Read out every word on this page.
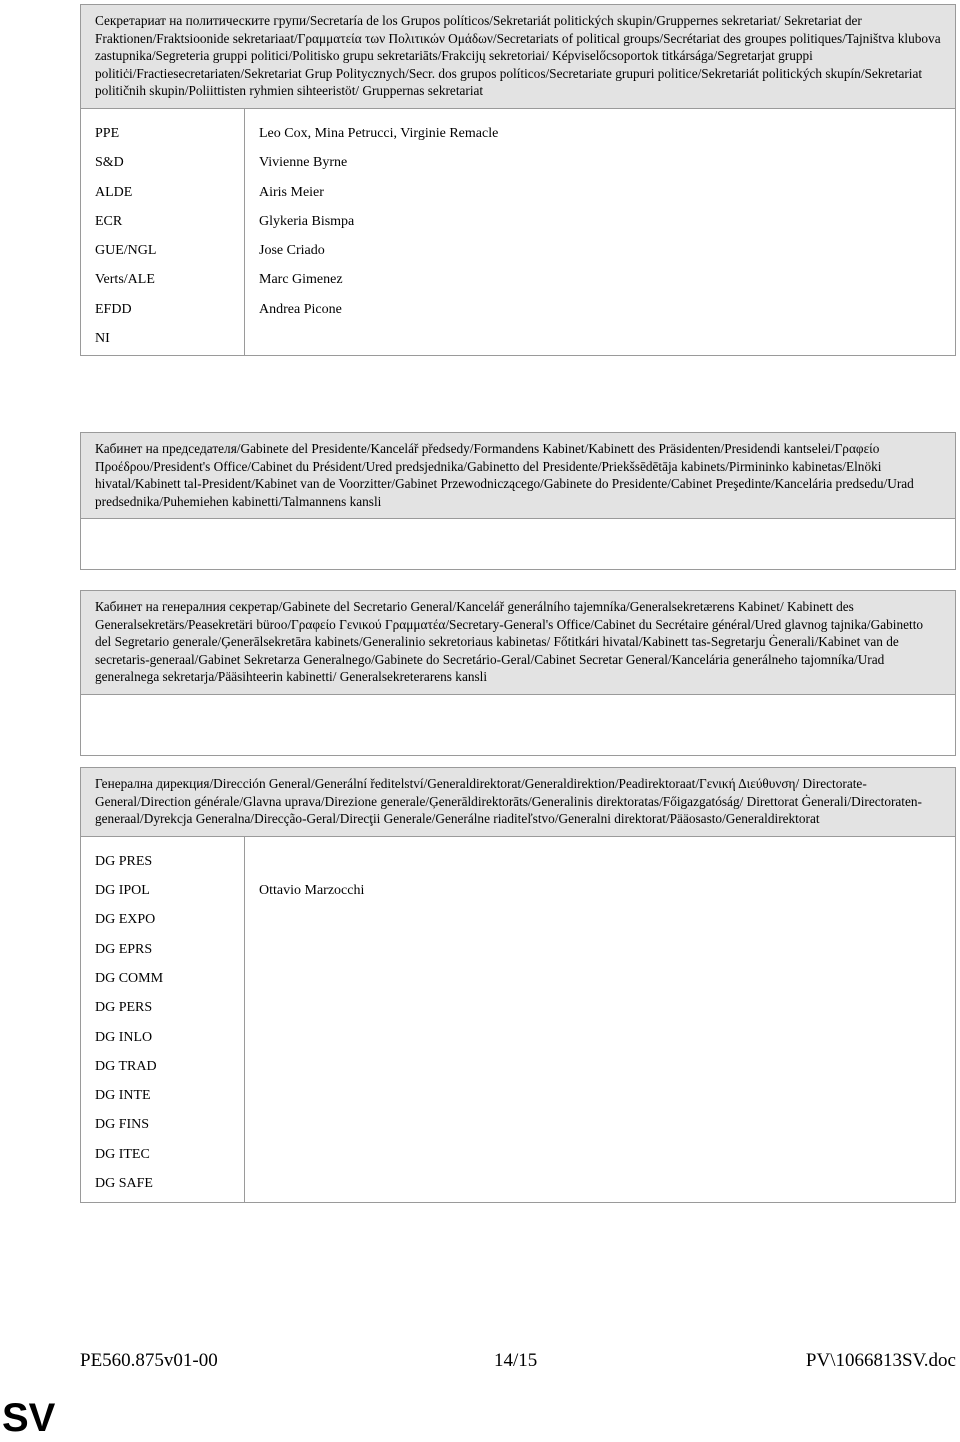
Секретариат на политическите групи/Secretaría de los Grupos políticos/Sekretariát politických skupin/Gruppernes sekretariat/ Sekretariat der Fraktionen/Fraktsioonide sekretariaat/Γραμματεία των Πολιτικών Ομάδων/Secretariats of political groups/Secrétariat des groupes politiques/Tajništva klubova zastupnika/Segreteria gruppi politici/Politisko grupu sekretariāts/Frakcijų sekretoriai/ Képviselőcsoportok titkársága/Segretarjat gruppi politiċi/Fractiesecretariaten/Sekretariat Grup Politycznych/Secr. dos grupos políticos/Secretariate grupuri politice/Sekretariát politických skupín/Sekretariat političnih skupin/Poliittisten ryhmien sihteeristöt/ Gruppernas sekretariat
PPE
S&D
ALDE
ECR
GUE/NGL
Verts/ALE
EFDD
NI
Leo Cox, Mina Petrucci, Virginie Remacle
Vivienne Byrne
Airis Meier
Glykeria Bismpa
Jose Criado
Marc Gimenez
Andrea Picone
Кабинет на председателя/Gabinete del Presidente/Kancelář předsedy/Formandens Kabinet/Kabinett des Präsidenten/Presidendi kantselei/Γραφείο Προέδρου/President's Office/Cabinet du Président/Ured predsjednika/Gabinetto del Presidente/Priekšsēdētāja kabinets/Pirmininko kabinetas/Elnöki hivatal/Kabinett tal-President/Kabinet van de Voorzitter/Gabinet Przewodniczącego/Gabinete do Presidente/Cabinet Preşedinte/Kancelária predsedu/Urad predsednika/Puhemiehen kabinetti/Talmannens kansli
Кабинет на генералния секретар/Gabinete del Secretario General/Kancelář generálního tajemníka/Generalsekretærens Kabinet/ Kabinett des Generalsekretärs/Peasekretäri büroo/Γραφείο Γενικού Γραμματέα/Secretary-General's Office/Cabinet du Secrétaire général/Ured glavnog tajnika/Gabinetto del Segretario generale/Ģenerālsekretāra kabinets/Generalinio sekretoriaus kabinetas/ Főtitkári hivatal/Kabinett tas-Segretarju Ġenerali/Kabinet van de secretaris-generaal/Gabinet Sekretarza Generalnego/Gabinete do Secretário-Geral/Cabinet Secretar General/Kancelária generálneho tajomníka/Urad generalnega sekretarja/Pääsihteerin kabinetti/ Generalsekreterarens kansli
Генерална дирекция/Dirección General/Generální ředitelství/Generaldirektorat/Generaldirektion/Peadirektoraat/Γενική Διεύθυνση/ Directorate-General/Direction générale/Glavna uprava/Direzione generale/Ģenerāldirektorāts/Generalinis direktoratas/Főigazgatóság/ Direttorat Ġenerali/Directoraten-generaal/Dyrekcja Generalna/Direcção-Geral/Direcţii Generale/Generálne riaditeľstvo/Generalni direktorat/Pääosasto/Generaldirektorat
DG PRES
DG IPOL
DG EXPO
DG EPRS
DG COMM
DG PERS
DG INLO
DG TRAD
DG INTE
DG FINS
DG ITEC
DG SAFE
Ottavio Marzocchi
PE560.875v01-00	14/15	PV\1066813SV.doc
SV
